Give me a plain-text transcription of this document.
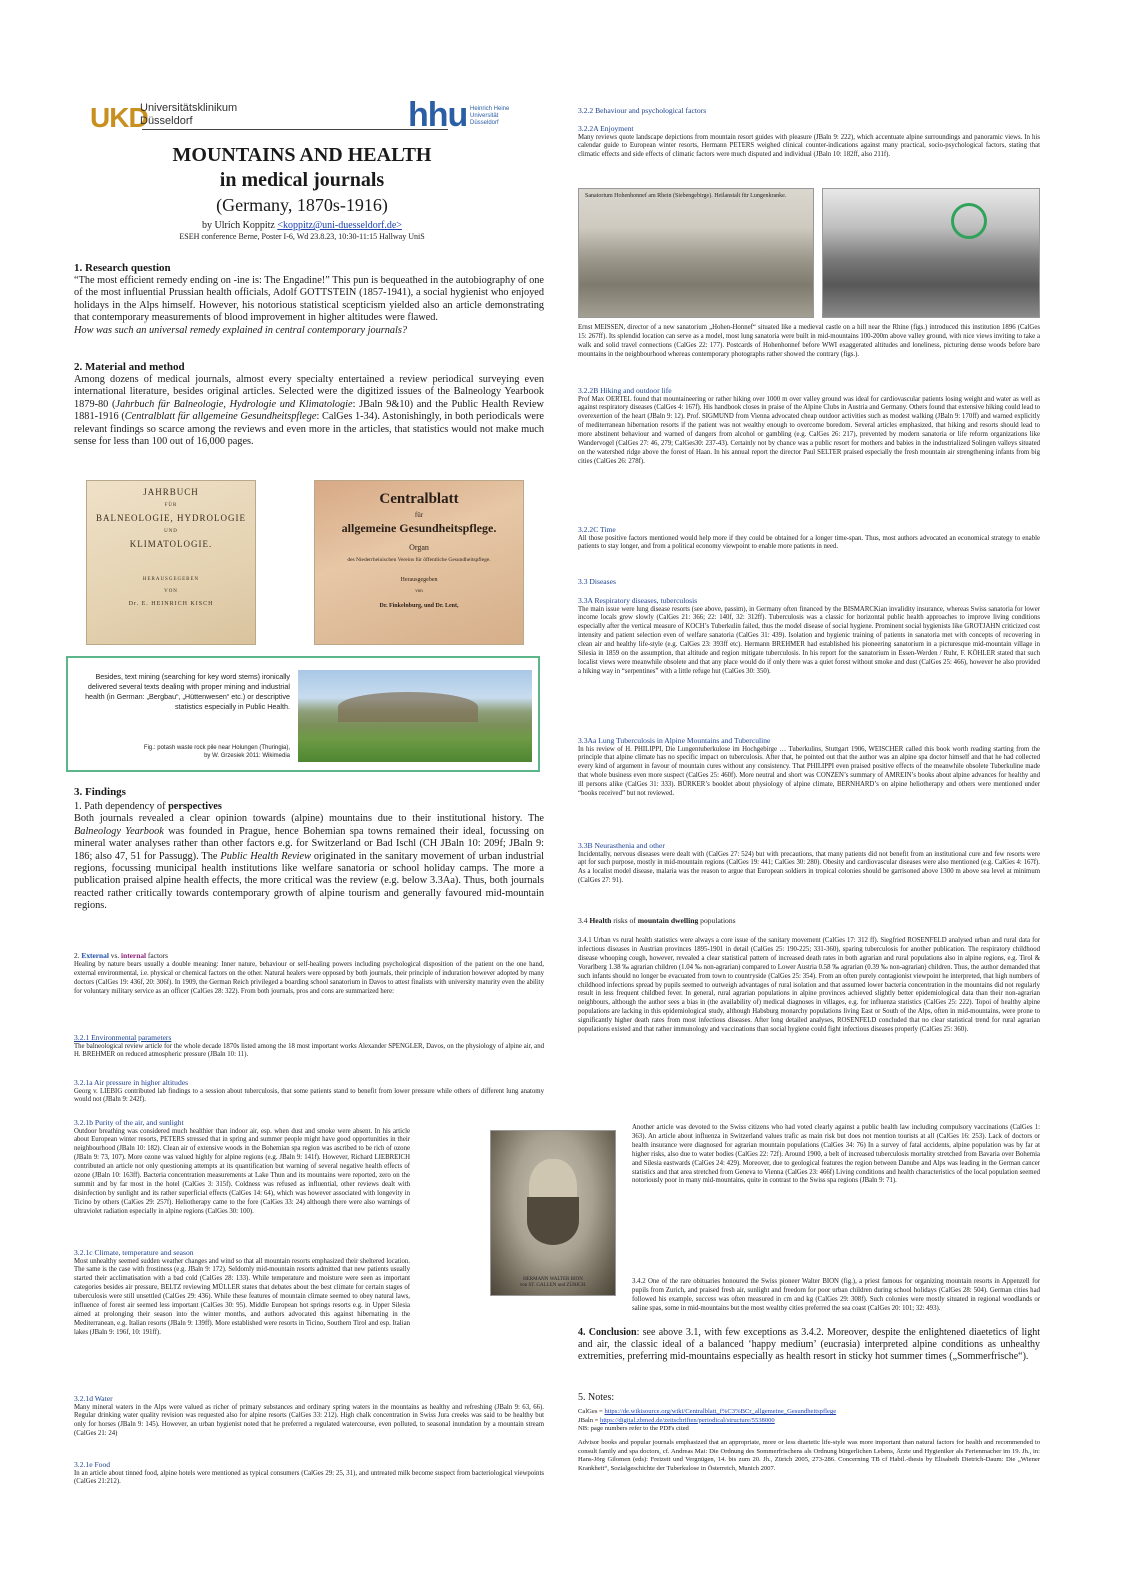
UKD
Universitätsklinikum
Düsseldorf	hhu Heinrich Heine
Universität
Düsseldorf
MOUNTAINS AND HEALTH
in medical journals
(Germany, 1870s-1916)
by Ulrich Koppitz <koppitz@uni-duesseldorf.de>
ESEH conference Berne, Poster I-6, Wd 23.8.23, 10:30-11:15 Hallway UniS
1. Research question

“The most efficient remedy ending on -ine is: The Engadine!” This pun is bequeathed in the autobiography of one of the most influential Prussian health officials, Adolf GOTTSTEIN (1857-1941), a social hygienist who enjoyed holidays in the Alps himself. However, his notorious statistical scepticism yielded also an article demonstrating that contemporary measurements of blood improvement in higher altitudes were flawed.

How was such an universal remedy explained in central contemporary journals?

2. Material and method

Among dozens of medical journals, almost every specialty entertained a review periodical surveying even international literature, besides original articles. Selected were the digitized issues of the Balneology Yearbook 1879-80 (Jahrbuch für Balneologie, Hydrologie und Klimatologie: JBaln 9&10) and the Public Health Review 1881-1916 (Centralblatt für allgemeine Gesundheitspflege: CalGes 1-34). Astonishingly, in both periodicals were relevant findings so scarce among the reviews and even more in the articles, that statistics would not make much sense for less than 100 out of 16,000 pages.

JAHRBUCH
FÜR
BALNEOLOGIE, HYDROLOGIE
UND
KLIMATOLOGIE.
HERAUSGEGEBEN
VON
Dr. E. HEINRICH KISCH
Centralblatt
für
allgemeine Gesundheitspflege.
Organ
des Niederrheinischen Vereins für öffentliche Gesundheitspflege.
Herausgegeben
von
Dr. Finkelnburg, und Dr. Lent,
Besides, text mining (searching for key word stems) ironically delivered several texts dealing with proper mining and industrial health (in German: „Bergbau“, „Hüttenwesen“ etc.) or descriptive statistics especially in Public Health.
Fig.: potash waste rock pile near Holungen (Thuringia),
by W. Grzesiek 2011: Wikimedia
3. Findings
1. Path dependency of perspectives

Both journals revealed a clear opinion towards (alpine) mountains due to their institutional history. The Balneology Yearbook was founded in Prague, hence Bohemian spa towns remained their ideal, focussing on mineral water analyses rather than other factors e.g. for Switzerland or Bad Ischl (CH JBaln 10: 209f; JBaln 9: 186; also 47, 51 for Passugg). The Public Health Review originated in the sanitary movement of urban industrial regions, focussing municipal health institutions like welfare sanatoria or school holiday camps. The more a publication praised alpine health effects, the more critical was the review (e.g. below 3.3Aa). Thus, both journals reacted rather critically towards contemporary growth of alpine tourism and generally favoured mid-mountain regions.

2. External vs. internal factors

Healing by nature bears usually a double meaning: Inner nature, behaviour or self-healing powers including psychological disposition of the patient on the one hand, external environmental, i.e. physical or chemical factors on the other. Natural healers were opposed by both journals, their principle of induration however adopted by many doctors (CalGes 19: 436f, 20: 306f). In 1909, the German Reich privileged a boarding school sanatorium in Davos to attest finalists with university maturity even the ability for voluntary military service as an officer (CalGes 28: 322). From both journals, pros and cons are summarized here:

3.2.1 Environmental parameters

The balneological review article for the whole decade 1870s listed among the 18 most important works Alexander SPENGLER, Davos, on the physiology of alpine air, and H. BREHMER on reduced atmospheric pressure (JBaln 10: 11).

3.2.1a Air pressure in higher altitudes

Georg v. LIEBIG contributed lab findings to a session about tuberculosis, that some patients stand to benefit from lower pressure while others of different lung anatomy would not (JBaln 9: 242f).

3.2.1b Purity of the air, and sunlight

Outdoor breathing was considered much healthier than indoor air, esp. when dust and smoke were absent. In his article about European winter resorts, PETERS stressed that in spring and summer people might have good opportunities in their neighbourhood (JBaln 10: 182). Clean air of extensive woods in the Bohemian spa region was ascribed to be rich of ozone (JBaln 9: 73, 107). More ozone was valued highly for alpine regions (e.g. JBaln 9: 141f). However, Richard LIEBREICH contributed an article not only questioning attempts at its quantification but warning of several negative health effects of ozone (JBaln 10: 163ff). Bacteria concentration measurements at Lake Thun and its mountains were reported, zero on the summit and by far most in the hotel (CalGes 3: 315f). Coldness was refused as influential, other reviews dealt with disinfection by sunlight and its rather superficial effects (CalGes 14: 64), which was however associated with longevity in Ticino by others (CalGes 29: 257f). Heliotherapy came to the fore (CalGes 33: 24) although there were also warnings of ultraviolet radiation especially in alpine regions (CalGes 30: 100).

HERMANN WALTER BION
von ST. GALLEN und ZÜRICH.
3.2.1c Climate, temperature and season

Most unhealthy seemed sudden weather changes and wind so that all mountain resorts emphasized their sheltered location. The same is the case with frostiness (e.g. JBaln 9: 172). Seldomly mid-mountain resorts admitted that new patients usually started their acclimatisation with a bad cold (CalGes 28: 133). While temperature and moisture were seen as important categories besides air pressure, BELTZ reviewing MÜLLER states that debates about the best climate for certain stages of tuberculosis were still unsettled (CalGes 29: 436). While these features of mountain climate seemed to obey natural laws, influence of forest air seemed less important (CalGes 30: 95). Middle European hot springs resorts e.g. in Upper Silesia aimed at prolonging their season into the winter months, and authors advocated this against hibernating in the Mediterranean, e.g. Italian resorts (JBaln 9: 139ff). More established were resorts in Ticino, Southern Tirol and esp. Italian lakes (JBaln 9: 196f, 10: 191ff).

3.2.1d Water

Many mineral waters in the Alps were valued as richer of primary substances and ordinary spring waters in the mountains as healthy and refreshing (JBaln 9: 63, 66). Regular drinking water quality revision was requested also for alpine resorts (CalGes 33: 212). High chalk concentration in Swiss Jura creeks was said to be healthy but only for horses (JBaln 9: 145). However, an urban hygienist noted that he preferred a regulated watercourse, even polluted, to seasonal inundation by a mountain stream (CalGes 21: 24)

3.2.1e Food

In an article about tinned food, alpine hotels were mentioned as typical consumers (CalGes 29: 25, 31), and untreated milk become suspect from bacteriological viewpoints (CalGes 21:212).

3.2.2 Behaviour and psychological factors
3.2.2A Enjoyment

Many reviews quote landscape depictions from mountain resort guides with pleasure (JBaln 9: 222), which accentuate alpine surroundings and panoramic views. In his calendar guide to European winter resorts, Hermann PETERS weighed clinical counter-indications against many practical, socio-psychological factors, stating that climatic effects and side effects of climatic factors were much disputed and individual (JBaln 10: 182ff, also 211f).

Sanatorium Hohenhonnef am Rhein (Siebengebirge). Heilanstalt für Lungenkranke.

Ernst MEISSEN, director of a new sanatorium „Hohen-Honnef“ situated like a medieval castle on a hill near the Rhine (figs.) introduced this institution 1896 (CalGes 15: 267ff). Its splendid location can serve as a model, most lung sanatoria were built in mid-mountains 100-200m above valley ground, with nice views inviting to take a walk and solid travel connections (CalGes 22: 177). Postcards of Hohenhonnef before WWI exaggerated altitudes and loneliness, picturing dense woods before bare mountains in the neighbourhood whereas contemporary photographs rather showed the contrary (figs.).

3.2.2B Hiking and outdoor life

Prof Max OERTEL found that mountaineering or rather hiking over 1000 m over valley ground was ideal for cardiovascular patients losing weight and water as well as against respiratory diseases (CalGes 4: 167f). His handbook closes in praise of the Alpine Clubs in Austria and Germany. Others found that extensive hiking could lead to overexertion of the heart (JBaln 9: 12). Prof. SIGMUND from Vienna advocated cheap outdoor activities such as modest walking (JBaln 9: 170ff) and warned explicitly of mediterranean hibernation resorts if the patient was not wealthy enough to overcome boredom. Several articles emphasized, that hiking and resorts should lead to more abstinent behaviour and warned of dangers from alcohol or gambling (e.g. CalGes 26: 217), prevented by modern sanatoria or life reform organizations like Wandervogel (CalGes 27: 46, 279; CalGes30: 237-43). Certainly not by chance was a public resort for mothers and babies in the industrialized Solingen valleys situated on the watershed ridge above the forest of Haan. In his annual report the director Paul SELTER praised especially the fresh mountain air strengthening infants from big cities (CalGes 26: 278f).

3.2.2C Time

All those positive factors mentioned would help more if they could be obtained for a longer time-span. Thus, most authors advocated an economical strategy to enable patients to stay longer, and from a political economy viewpoint to enable more patients in need.

3.3 Diseases
3.3A Respiratory diseases, tuberculosis

The main issue were lung disease resorts (see above, passim), in Germany often financed by the BISMARCKian invalidity insurance, whereas Swiss sanatoria for lower income locals grew slowly (CalGes 21: 366; 22: 140f, 32: 312ff). Tuberculosis was a classic for horizontal public health approaches to improve living conditions especially after the vertical measure of KOCH’s Tuberkulin failed, thus the model disease of social hygiene. Prominent social hygienists like GROTJAHN criticized cost intensity and patient selection even of welfare sanatoria (CalGes 31: 439). Isolation and hygienic training of patients in sanatoria met with concepts of recovering in clean air and healthy life-style (e.g. CalGes 23: 393ff etc). Hermann BREHMER had established his pioneering sanatorium in a picturesque mid-mountain village in Silesia in 1859 on the assumption, that altitude and region mitigate tuberculosis. In his report for the sanatorium in Essen-Werden / Ruhr, F. KÖHLER stated that such localist views were meanwhile obsolete and that any place would do if only there was a quiet forest without smoke and dust (CalGes 25: 466), however he also provided a hiking way in “serpentines” with a little refuge hut (CalGes 30: 350).

3.3Aa Lung Tuberculosis in Alpine Mountains and Tuberculine

In his review of H. PHILIPPI, Die Lungentuberkulose im Hochgebirge … Tuberkulins, Stuttgart 1906, WEISCHER called this book worth reading starting from the principle that alpine climate has no specific impact on tuberculosis. After that, he pointed out that the author was an alpine spa doctor himself and that he had collected every kind of argument in favour of mountain cures without any consistency. That PHILIPPI even praised positive effects of the meanwhile obsolete Tuberkuline made that whole business even more suspect (CalGes 25: 460f). More neutral and short was CONZEN’s summary of AMREIN’s books about alpine advances for healthy and ill persons alike (CalGes 31: 333). BÜRKER’s booklet about physiology of alpine climate, BERNHARD’s on alpine heliotherapy and others were mentioned under “books received” but not reviewed.

3.3B Neurasthenia and other

Incidentally, nervous diseases were dealt with (CalGes 27: 524) but with precautions, that many patients did not benefit from an institutional cure and few resorts were apt for such purpose, mostly in mid-mountain regions (CalGes 19: 441; CalGes 30: 280). Obesity and cardiovascular diseases were also mentioned (e.g. CalGes 4: 167f). As a localist model disease, malaria was the reason to argue that European soldiers in tropical colonies should be garrisoned above 1300 m above sea level at minimum (CalGes 27: 91).

3.4 Health risks of mountain dwelling populations

3.4.1 Urban vs rural health statistics were always a core issue of the sanitary movement (CalGes 17: 312 ff). Siegfried ROSENFELD analysed urban and rural data for infectious diseases in Austrian provinces 1895-1901 in detail (CalGes 25: 190-225; 331-360), sparing tuberculosis for another publication. The respiratory childhood disease whooping cough, however, revealed a clear statistical pattern of increased death rates in both agrarian and rural populations also in alpine regions, e.g. Tirol & Vorarlberg 1.38 ‰ agrarian children (1.04 ‰ non-agrarian) compared to Lower Austria 0.58 ‰ agrarian (0.39 ‰ non-agrarian) children. Thus, the author demanded that such infants should no longer be evacuated from town to countryside (CalGes 25: 354). From an often purely contagionist viewpoint he interpreted, that high numbers of childhood infections spread by pupils seemed to outweigh advantages of rural isolation and that assumed lower bacteria concentration in the mountains did not regularly result in less frequent childbed fever. In general, rural agrarian populations in alpine provinces achieved slightly better epidemiological data than their non-agrarian neighbours, although the author sees a bias in (the availability of) medical diagnoses in villages, e.g. for influenza statistics (CalGes 25: 222). Topoi of healthy alpine populations are lacking in this epidemiological study, although Habsburg monarchy populations living East or South of the Alps, often in mid-mountains, were prone to significantly higher death rates from most infectious diseases. After long detailed analyses, ROSENFELD concluded that no clear statistical trend for rural agrarian populations existed and that rather immunology and vaccinations than social hygiene could fight infectious diseases properly (CalGes 25: 360).

Another article was devoted to the Swiss citizens who had voted clearly against a public health law including compulsory vaccinations (CalGes 1: 363). An article about influenza in Switzerland values trafic as main risk but does not mention tourists at all (CalGes 16: 253). Lack of doctors or health insurance were diagnosed for agrarian mountain populations (CalGes 34: 76) In a survey of fatal accidents, alpine population was by far at higher risks, also due to water bodies (CalGes 22: 72f). Around 1900, a belt of increased tuberculosis mortality stretched from Bavaria over Bohemia and Silesia eastwards (CalGes 24: 429). Moreover, due to geological features the region between Danube and Alps was leading in the German cancer statistics and that area stretched from Geneva to Vienna (CalGes 23: 466f) Living conditions and health characteristics of the local population seemed notoriously poor in many mid-mountains, quite in contrast to the Swiss spa regions (JBaln 9: 71).

3.4.2 One of the rare obituaries honoured the Swiss pioneer Walter BION (fig.), a priest famous for organizing mountain resorts in Appenzell for pupils from Zurich, and praised fresh air, sunlight and freedom for poor urban children during school holidays (CalGes 28: 504). German cities had followed his example, success was often measured in cm and kg (CalGes 29: 308f). Such colonies were mostly situated in regional woodlands or saline spas, some in mid-mountains but the most wealthy cities preferred the sea coast (CalGes 20: 101; 32: 493).

4. Conclusion: see above 3.1, with few exceptions as 3.4.2. Moreover, despite the enlightened diaetetics of light and air, the classic ideal of a balanced ‘happy medium’ (eucrasia) interpreted alpine conditions as unhealthy extremities, preferring mid-mountains especially as health resort in sticky hot summer times („Sommerfrische“).

5. Notes:
CalGes = https://de.wikisource.org/wiki/Centralblatt_f%C3%BCr_allgemeine_Gesundheitspflege
JBaln = https://digital.zbmed.de/zeitschriften/periodical/structure/5538000
NB: page numbers refer to the PDFs cited

Advisor books and popular journals emphasized that an appropriate, more or less diaetetic life-style was more important than natural factors for health and recommended to consult family and spa doctors, cf. Andreas Mai: Die Ordnung des Sommerfrischens als Ordnung bürgerlichen Lebens, Ärzte und Hygieniker als Ferienmacher im 19. Jh., in: Hans-Jörg Gilomen (eds): Freizeit und Vergnügen, 14. bis zum 20. Jh., Zürich 2005, 273-286. Concerning TB cf Habil.-thesis by Elisabeth Dietrich-Daum: Die „Wiener Krankheit“, Sozialgeschichte der Tuberkulose in Österreich, Munich 2007.
